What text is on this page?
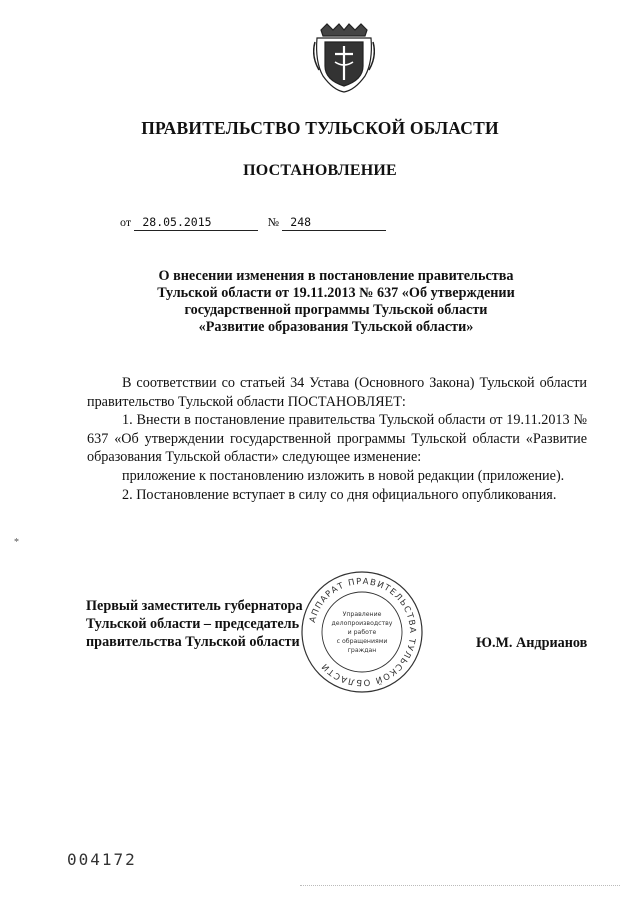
ПРАВИТЕЛЬСТВО ТУЛЬСКОЙ ОБЛАСТИ
ПОСТАНОВЛЕНИЕ
от 28.05.2015	№ 248
О внесении изменения в постановление правительства
Тульской области от 19.11.2013 № 637 «Об утверждении
государственной программы Тульской области
«Развитие образования Тульской области»

В соответствии со статьей 34 Устава (Основного Закона) Тульской области правительство Тульской области ПОСТАНОВЛЯЕТ:

1. Внести в постановление правительства Тульской области от 19.11.2013 № 637 «Об утверждении государственной программы Тульской области «Развитие образования Тульской области» следующее изменение:

приложение к постановлению изложить в новой редакции (приложение).

2. Постановление вступает в силу со дня официального опубликования.

Первый заместитель губернатора
Тульской области – председатель
правительства Тульской области	Ю.М. Андрианов
АППАРАТ ПРАВИТЕЛЬСТВА ТУЛЬСКОЙ ОБЛАСТИ
Управление
делопроизводству
и работе
с обращениями
граждан
*
004172
